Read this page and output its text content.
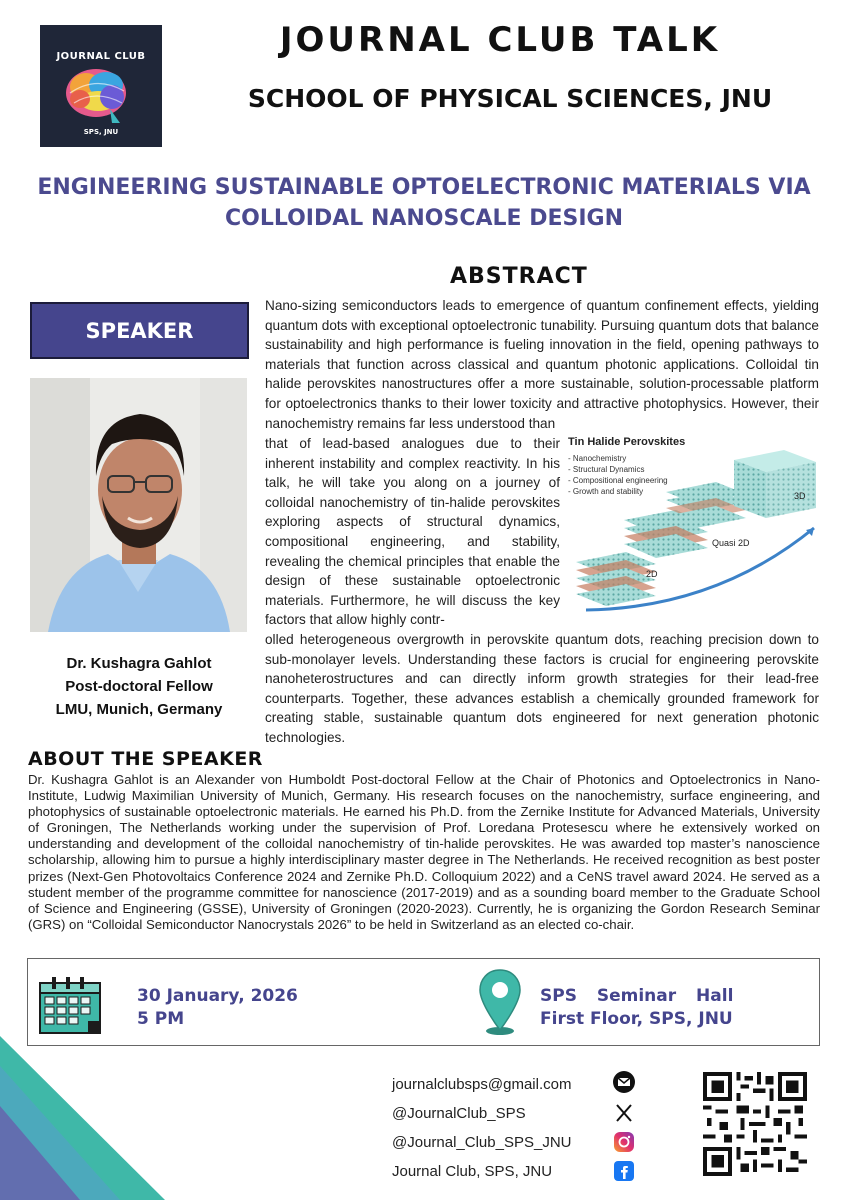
JOURNAL CLUB
SPS, JNU
JOURNAL CLUB TALK
SCHOOL OF PHYSICAL SCIENCES, JNU
ENGINEERING SUSTAINABLE OPTOELECTRONIC MATERIALS VIA
COLLOIDAL NANOSCALE DESIGN
ABSTRACT
SPEAKER
Dr. Kushagra Gahlot
Post-doctoral Fellow
LMU, Munich, Germany
Nano-sizing semiconductors leads to emergence of quantum confinement effects, yielding quantum dots with exceptional optoelectronic tunability. Pursuing quantum dots that balance sustainability and high performance is fueling innovation in the field, opening pathways to materials that function across classical and quantum photonic applications. Colloidal tin halide perovskites nanostructures offer a more sustainable, solution-processable platform for optoelectronics thanks to their lower toxicity and attractive photophysics. However, their nanochemistry remains far less understood than
that of lead-based analogues due to their inherent instability and complex reactivity. In his talk, he will take you along on a journey of colloidal nanochemistry of tin-halide perovskites exploring aspects of structural dynamics, compositional engineering, and stability, revealing the chemical principles that enable the design of these sustainable optoelectronic materials. Furthermore, he will discuss the key factors that allow highly contr-
olled heterogeneous overgrowth in perovskite quantum dots, reaching precision down to sub-monolayer levels. Understanding these factors is crucial for engineering perovskite nanoheterostructures and can directly inform growth strategies for their lead-free counterparts. Together, these advances establish a chemically grounded framework for creating stable, sustainable quantum dots engineered for next generation photonic technologies.
Tin Halide Perovskites
- Nanochemistry
- Structural Dynamics
- Compositional engineering
- Growth and stability	3D
Quasi 2D
2D
ABOUT THE SPEAKER
Dr. Kushagra Gahlot is an Alexander von Humboldt Post-doctoral Fellow at the Chair of Photonics and Optoelectronics in Nano-Institute, Ludwig Maximilian University of Munich, Germany. His research focuses on the nanochemistry, surface engineering, and photophysics of sustainable optoelectronic materials. He earned his Ph.D. from the Zernike Institute for Advanced Materials, University of Groningen, The Netherlands working under the supervision of Prof. Loredana Protesescu where he extensively worked on understanding and development of the colloidal nanochemistry of tin-halide perovskites. He was awarded top master’s nanoscience scholarship, allowing him to pursue a highly interdisciplinary master degree in The Netherlands. He received recognition as best poster prizes (Next-Gen Photovoltaics Conference 2024 and Zernike Ph.D. Colloquium 2022) and a CeNS travel award 2024. He served as a student member of the programme committee for nanoscience (2017-2019) and as a sounding board member to the Graduate School of Science and Engineering (GSSE), University of Groningen (2020-2023). Currently, he is organizing the Gordon Research Seminar (GRS) on “Colloidal Semiconductor Nanocrystals 2026” to be held in Switzerland as an elected co-chair.
30 January, 2026
5 PM
SPS Seminar Hall
First Floor, SPS, JNU
journalclubsps@gmail.com
@JournalClub_SPS
@Journal_Club_SPS_JNU
Journal Club, SPS, JNU
